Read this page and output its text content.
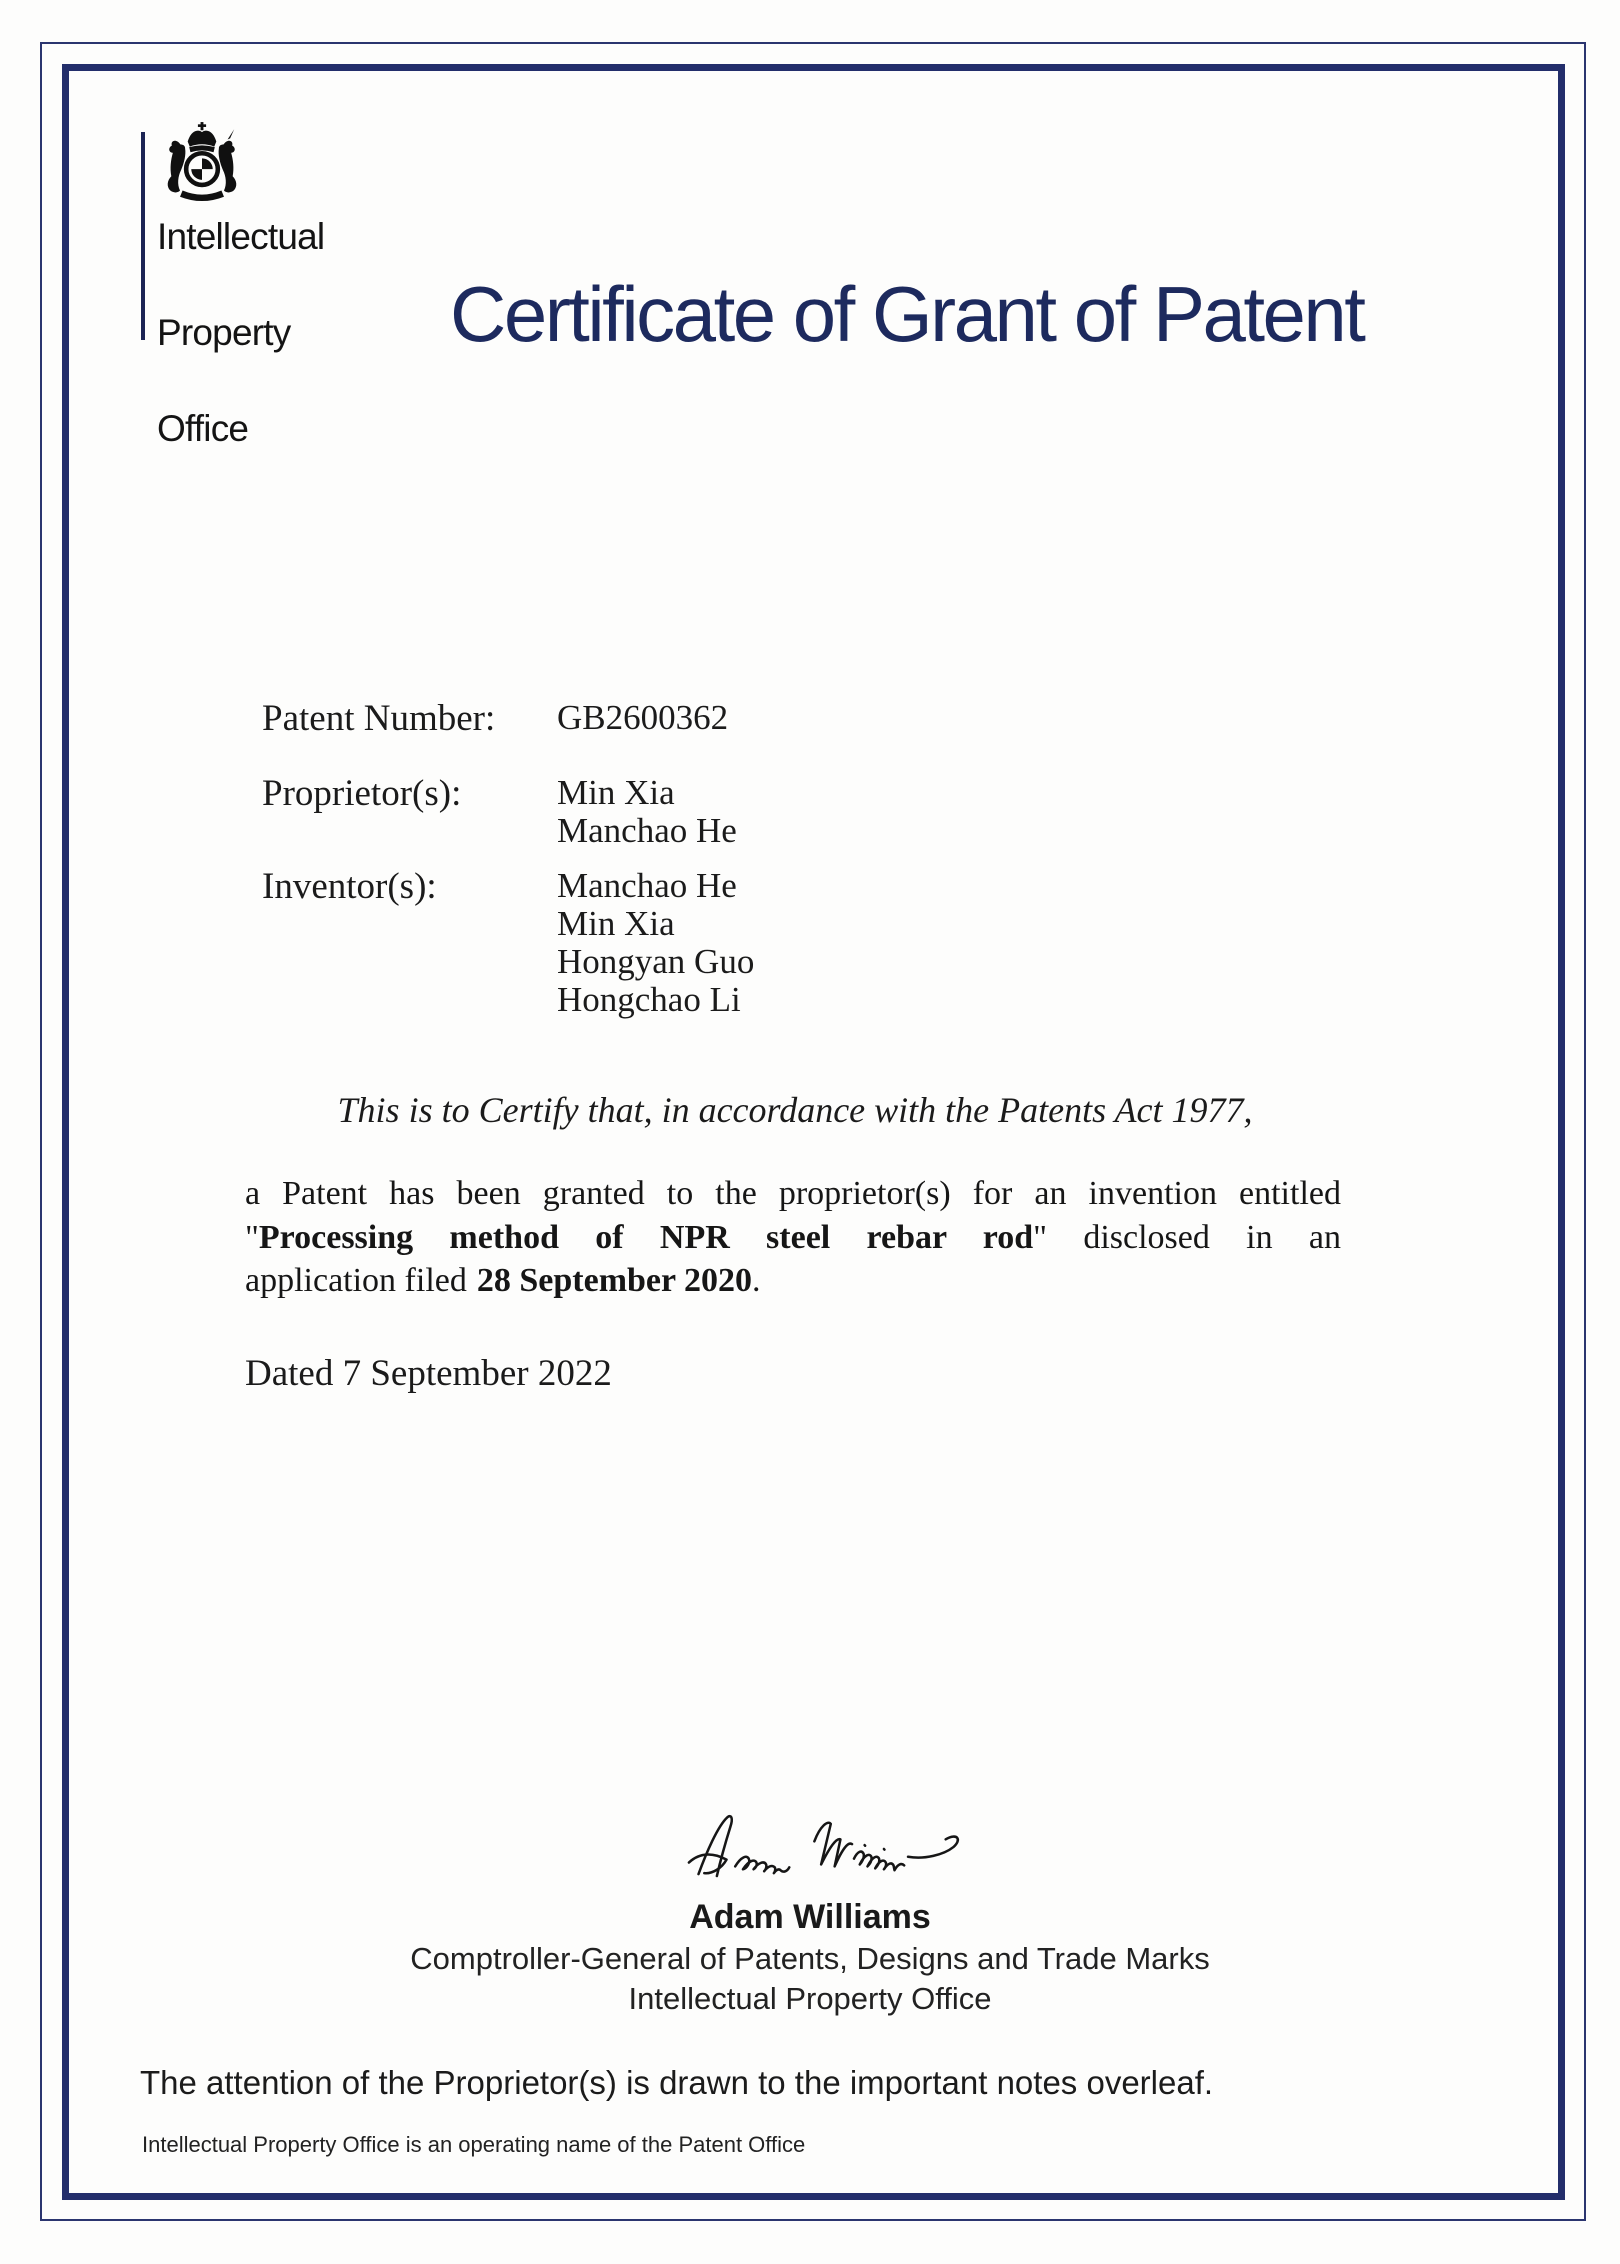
Intellectual

Property

Office
Certificate of Grant of Patent
Patent Number: GB2600362
Proprietor(s):	Min Xia
Manchao He
Inventor(s):	Manchao He
Min Xia
Hongyan Guo
Hongchao Li
This is to Certify that, in accordance with the Patents Act 1977,
a Patent has been granted to the proprietor(s) for an invention entitled
"Processing method of NPR steel rebar rod" disclosed in an
application filed 28 September 2020.
Dated 7 September 2022
Adam Williams
Comptroller-General of Patents, Designs and Trade Marks
Intellectual Property Office
The attention of the Proprietor(s) is drawn to the important notes overleaf.
Intellectual Property Office is an operating name of the Patent Office
